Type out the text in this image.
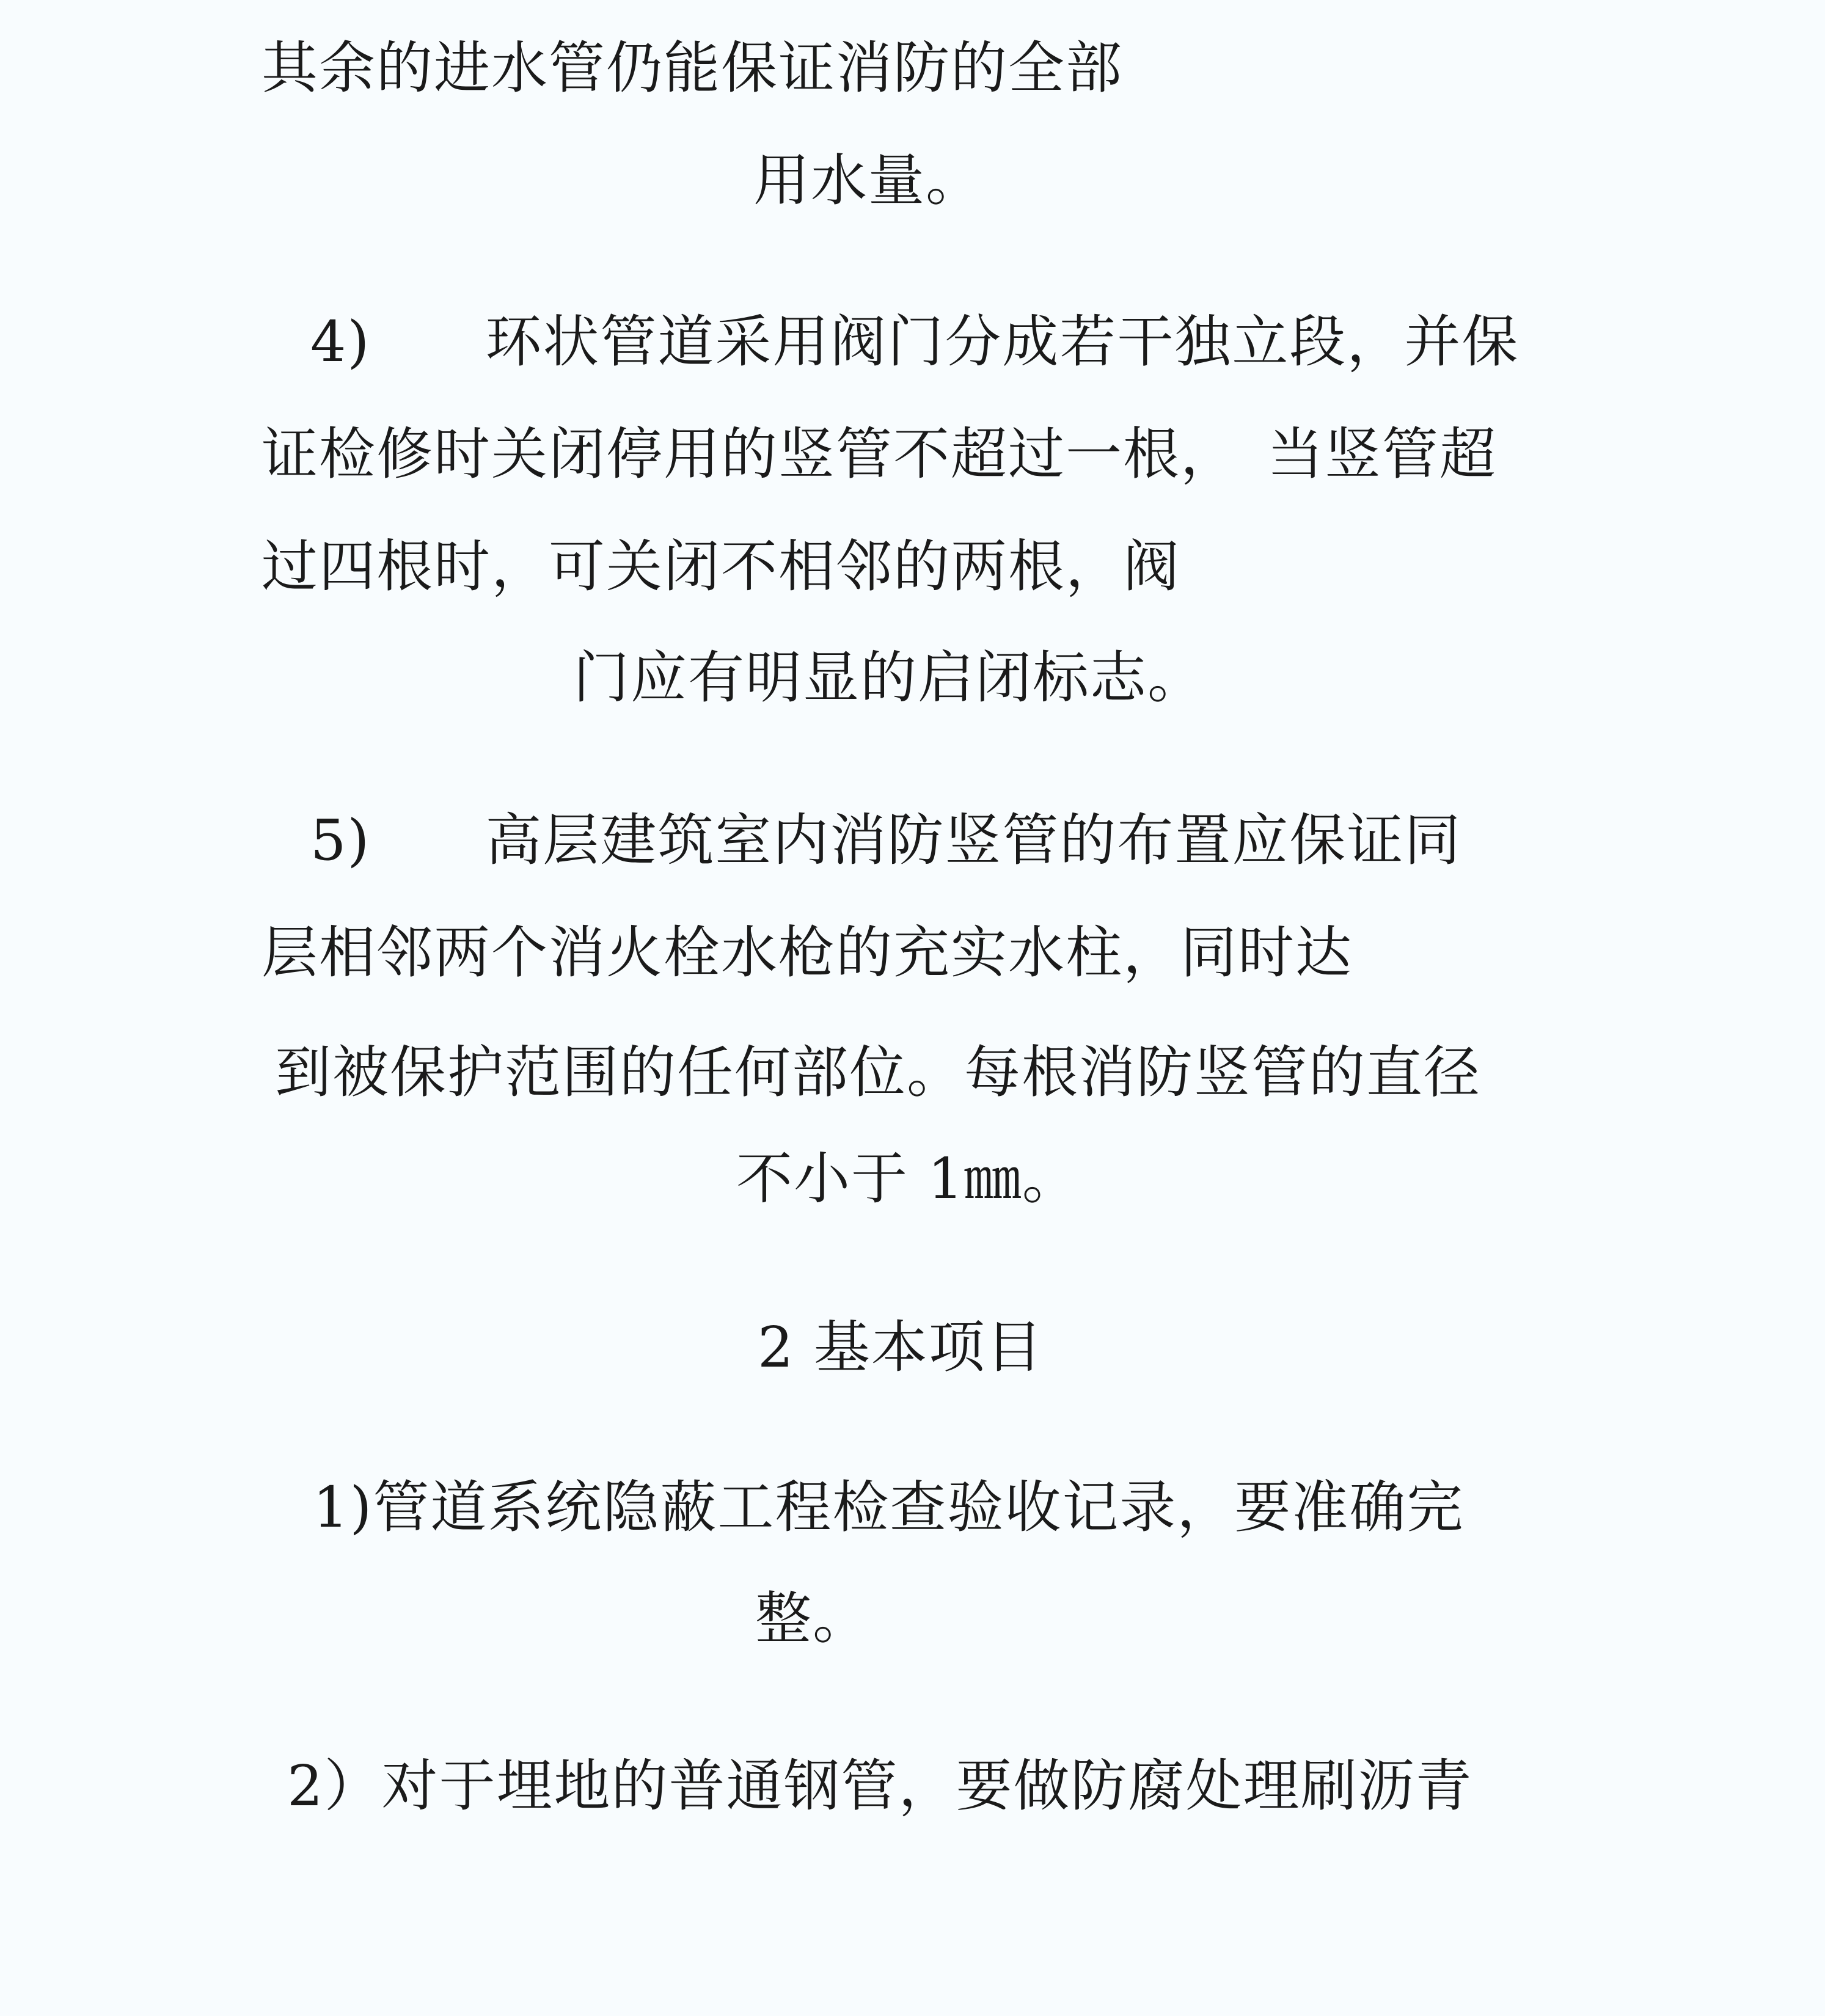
其余的进水管仍能保证消防的全部
用水量。
4)　　环状管道采用阀门分成若干独立段，并保
证检修时关闭停用的竖管不超过一根，　当竖管超
过四根时，可关闭不相邻的两根，阀
门应有明显的启闭标志。
5)　　高层建筑室内消防竖管的布置应保证同
层相邻两个消火栓水枪的充实水柱，同时达
到被保护范围的任何部位。每根消防竖管的直径
不小于 1㎜。
2 基本项目
1)管道系统隐蔽工程检查验收记录，要准确完
整。
2）对于埋地的普通钢管，要做防腐处理刷沥青
